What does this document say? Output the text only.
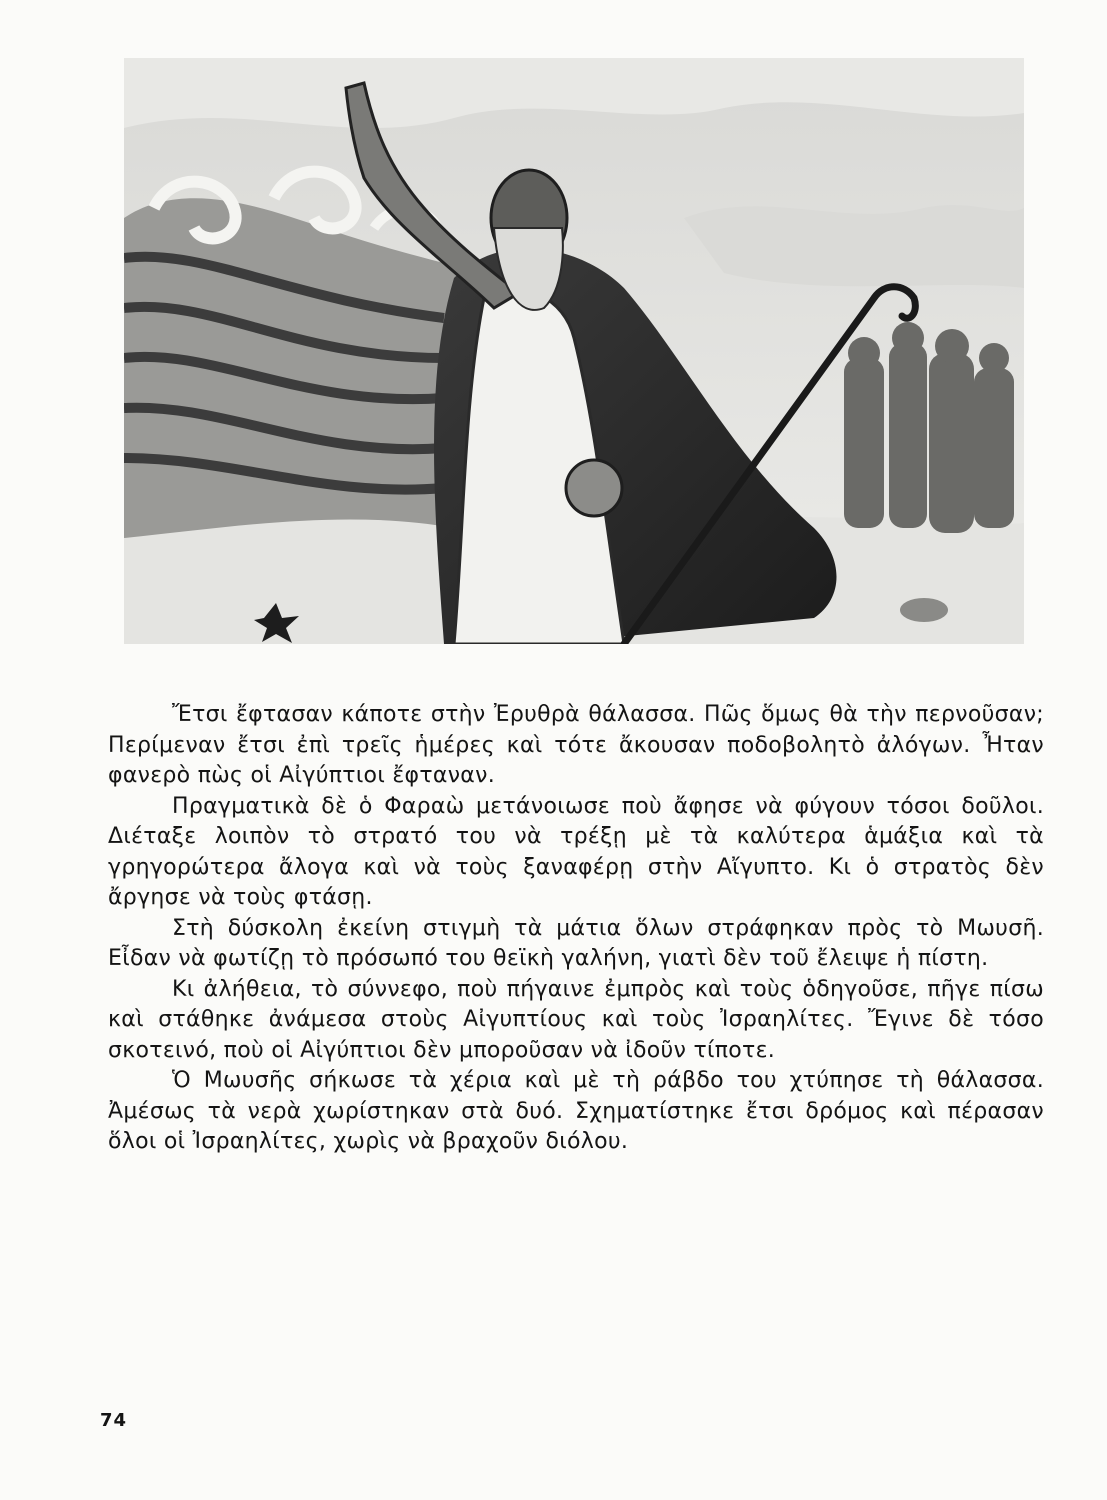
Ἔτσι ἔφτασαν κάποτε στὴν Ἐρυθρὰ θάλασσα. Πῶς ὅμως θὰ τὴν περνοῦσαν; Περίμεναν ἔτσι ἐπὶ τρεῖς ἡμέρες καὶ τότε ἄκουσαν ποδοβολητὸ ἀλόγων. Ἦταν φανερὸ πὼς οἱ Αἰγύπτιοι ἔφταναν.

Πραγματικὰ δὲ ὁ Φαραὼ μετάνοιωσε ποὺ ἄφησε νὰ φύγουν τόσοι δοῦλοι. Διέταξε λοιπὸν τὸ στρατό του νὰ τρέξῃ μὲ τὰ καλύτερα ἁμάξια καὶ τὰ γρηγορώτερα ἄλογα καὶ νὰ τοὺς ξαναφέρῃ στὴν Αἴγυπτο. Κι ὁ στρατὸς δὲν ἄργησε νὰ τοὺς φτάσῃ.

Στὴ δύσκολη ἐκείνη στιγμὴ τὰ μάτια ὅλων στράφηκαν πρὸς τὸ Μωυσῆ. Εἶδαν νὰ φωτίζῃ τὸ πρόσωπό του θεϊκὴ γαλήνη, γιατὶ δὲν τοῦ ἔλειψε ἡ πίστη.

Κι ἀλήθεια, τὸ σύννεφο, ποὺ πήγαινε ἐμπρὸς καὶ τοὺς ὁδηγοῦσε, πῆγε πίσω καὶ στάθηκε ἀνάμεσα στοὺς Αἰγυπτίους καὶ τοὺς Ἰσραηλίτες. Ἔγινε δὲ τόσο σκοτεινό, ποὺ οἱ Αἰγύπτιοι δὲν μποροῦσαν νὰ ἰδοῦν τίποτε.

Ὁ Μωυσῆς σήκωσε τὰ χέρια καὶ μὲ τὴ ράβδο του χτύπησε τὴ θάλασσα. Ἀμέσως τὰ νερὰ χωρίστηκαν στὰ δυό. Σχηματίστηκε ἔτσι δρόμος καὶ πέρασαν ὅλοι οἱ Ἰσραηλίτες, χωρὶς νὰ βραχοῦν διόλου.

74
